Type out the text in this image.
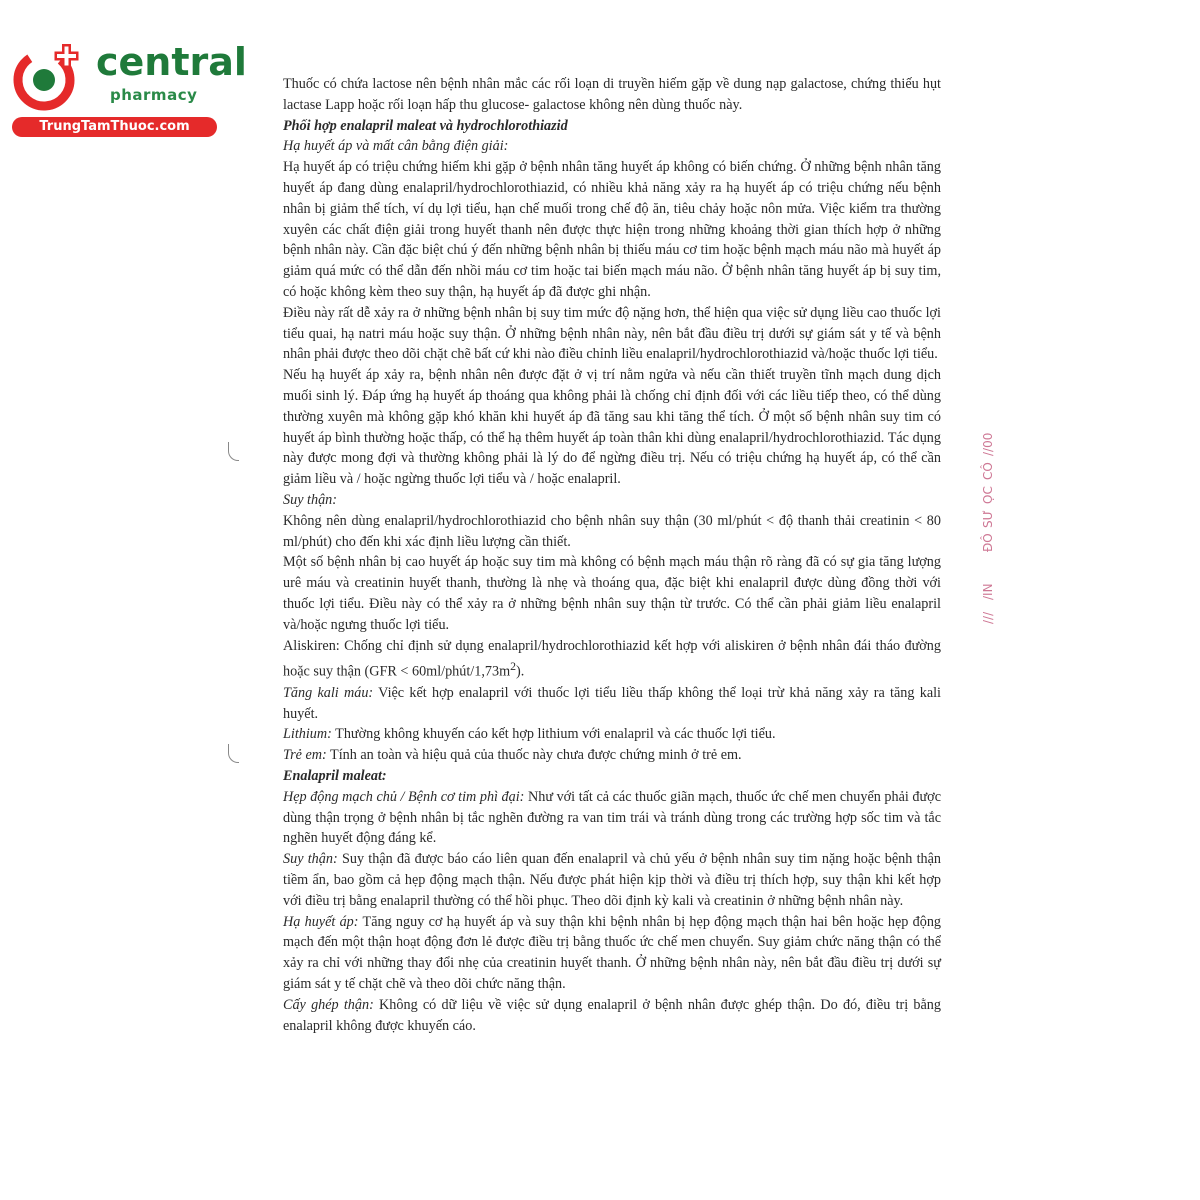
central
pharmacy
TrungTamThuoc.com

Thuốc có chứa lactose nên bệnh nhân mắc các rối loạn di truyền hiếm gặp về dung nạp galactose, chứng thiếu hụt lactase Lapp hoặc rối loạn hấp thu glucose- galactose không nên dùng thuốc này.

Phối hợp enalapril maleat và hydrochlorothiazid

Hạ huyết áp và mất cân bằng điện giải:

Hạ huyết áp có triệu chứng hiếm khi gặp ở bệnh nhân tăng huyết áp không có biến chứng. Ở những bệnh nhân tăng huyết áp đang dùng enalapril/hydrochlorothiazid, có nhiều khả năng xảy ra hạ huyết áp có triệu chứng nếu bệnh nhân bị giảm thể tích, ví dụ lợi tiểu, hạn chế muối trong chế độ ăn, tiêu chảy hoặc nôn mửa. Việc kiểm tra thường xuyên các chất điện giải trong huyết thanh nên được thực hiện trong những khoảng thời gian thích hợp ở những bệnh nhân này. Cần đặc biệt chú ý đến những bệnh nhân bị thiếu máu cơ tim hoặc bệnh mạch máu não mà huyết áp giảm quá mức có thể dẫn đến nhồi máu cơ tim hoặc tai biến mạch máu não. Ở bệnh nhân tăng huyết áp bị suy tim, có hoặc không kèm theo suy thận, hạ huyết áp đã được ghi nhận.

Điều này rất dễ xảy ra ở những bệnh nhân bị suy tim mức độ nặng hơn, thể hiện qua việc sử dụng liều cao thuốc lợi tiểu quai, hạ natri máu hoặc suy thận. Ở những bệnh nhân này, nên bắt đầu điều trị dưới sự giám sát y tế và bệnh nhân phải được theo dõi chặt chẽ bất cứ khi nào điều chỉnh liều enalapril/hydrochlorothiazid và/hoặc thuốc lợi tiểu.

Nếu hạ huyết áp xảy ra, bệnh nhân nên được đặt ở vị trí nằm ngửa và nếu cần thiết truyền tĩnh mạch dung dịch muối sinh lý. Đáp ứng hạ huyết áp thoáng qua không phải là chống chỉ định đối với các liều tiếp theo, có thể dùng thường xuyên mà không gặp khó khăn khi huyết áp đã tăng sau khi tăng thể tích. Ở một số bệnh nhân suy tim có huyết áp bình thường hoặc thấp, có thể hạ thêm huyết áp toàn thân khi dùng enalapril/hydrochlorothiazid. Tác dụng này được mong đợi và thường không phải là lý do để ngừng điều trị. Nếu có triệu chứng hạ huyết áp, có thể cần giảm liều và / hoặc ngừng thuốc lợi tiểu và / hoặc enalapril.

Suy thận:

Không nên dùng enalapril/hydrochlorothiazid cho bệnh nhân suy thận (30 ml/phút < độ thanh thải creatinin < 80 ml/phút) cho đến khi xác định liều lượng cần thiết.

Một số bệnh nhân bị cao huyết áp hoặc suy tim mà không có bệnh mạch máu thận rõ ràng đã có sự gia tăng lượng urê máu và creatinin huyết thanh, thường là nhẹ và thoáng qua, đặc biệt khi enalapril được dùng đồng thời với thuốc lợi tiểu. Điều này có thể xảy ra ở những bệnh nhân suy thận từ trước. Có thể cần phải giảm liều enalapril và/hoặc ngưng thuốc lợi tiểu.

Aliskiren: Chống chỉ định sử dụng enalapril/hydrochlorothiazid kết hợp với aliskiren ở bệnh nhân đái tháo đường hoặc suy thận $(GFR < 60ml/phút/1,73m^2)$.

Tăng kali máu: Việc kết hợp enalapril với thuốc lợi tiểu liều thấp không thể loại trừ khả năng xảy ra tăng kali huyết.

Lithium: Thường không khuyến cáo kết hợp lithium với enalapril và các thuốc lợi tiểu.

Trẻ em: Tính an toàn và hiệu quả của thuốc này chưa được chứng minh ở trẻ em.

Enalapril maleat:

Hẹp động mạch chủ / Bệnh cơ tim phì đại: Như với tất cả các thuốc giãn mạch, thuốc ức chế men chuyển phải được dùng thận trọng ở bệnh nhân bị tắc nghẽn đường ra van tim trái và tránh dùng trong các trường hợp sốc tim và tắc nghẽn huyết động đáng kể.

Suy thận: Suy thận đã được báo cáo liên quan đến enalapril và chủ yếu ở bệnh nhân suy tim nặng hoặc bệnh thận tiềm ẩn, bao gồm cả hẹp động mạch thận. Nếu được phát hiện kịp thời và điều trị thích hợp, suy thận khi kết hợp với điều trị bằng enalapril thường có thể hồi phục. Theo dõi định kỳ kali và creatinin ở những bệnh nhân này.

Hạ huyết áp: Tăng nguy cơ hạ huyết áp và suy thận khi bệnh nhân bị hẹp động mạch thận hai bên hoặc hẹp động mạch đến một thận hoạt động đơn lẻ được điều trị bằng thuốc ức chế men chuyển. Suy giảm chức năng thận có thể xảy ra chỉ với những thay đổi nhẹ của creatinin huyết thanh. Ở những bệnh nhân này, nên bắt đầu điều trị dưới sự giám sát y tế chặt chẽ và theo dõi chức năng thận.

Cấy ghép thận: Không có dữ liệu về việc sử dụng enalapril ở bệnh nhân được ghép thận. Do đó, điều trị bằng enalapril không được khuyến cáo.

//00
CÔ
ỌC
SƯ
ĐÔ
/IN
///
